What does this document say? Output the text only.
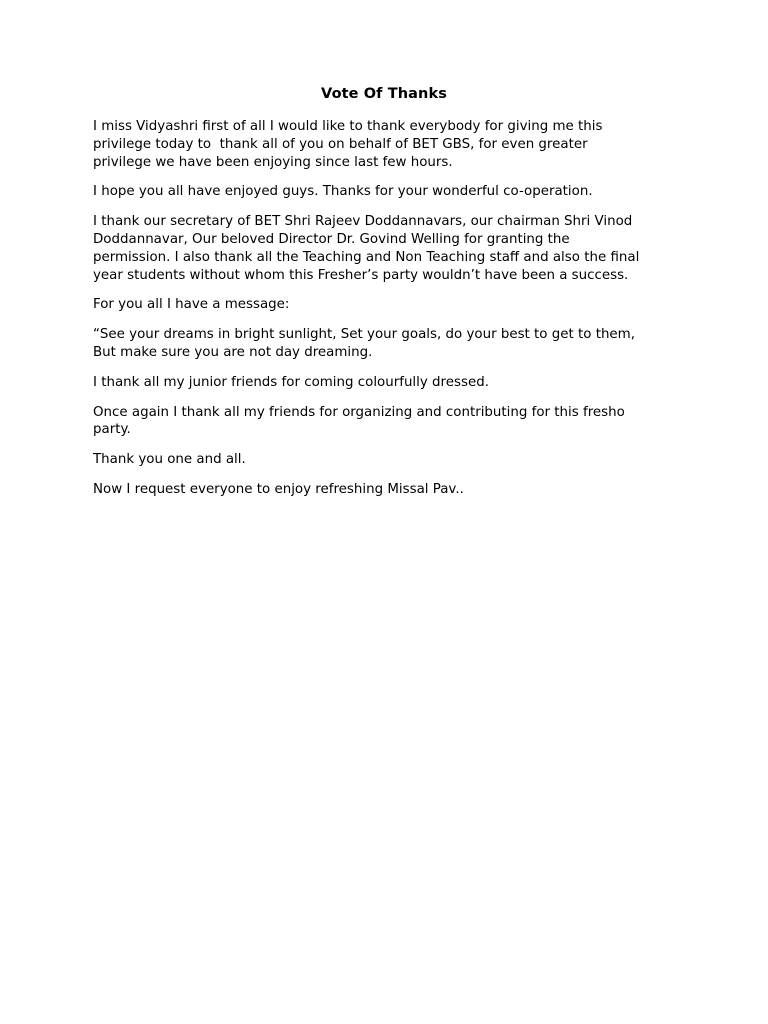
Vote Of Thanks

I miss Vidyashri first of all I would like to thank everybody for giving me this
privilege today to  thank all of you on behalf of BET GBS, for even greater
privilege we have been enjoying since last few hours.

I hope you all have enjoyed guys. Thanks for your wonderful co-operation.

I thank our secretary of BET Shri Rajeev Doddannavars, our chairman Shri Vinod
Doddannavar, Our beloved Director Dr. Govind Welling for granting the
permission. I also thank all the Teaching and Non Teaching staff and also the final
year students without whom this Fresher’s party wouldn’t have been a success.

For you all I have a message:

“See your dreams in bright sunlight, Set your goals, do your best to get to them,
But make sure you are not day dreaming.

I thank all my junior friends for coming colourfully dressed.

Once again I thank all my friends for organizing and contributing for this fresho
party.

Thank you one and all.

Now I request everyone to enjoy refreshing Missal Pav..
